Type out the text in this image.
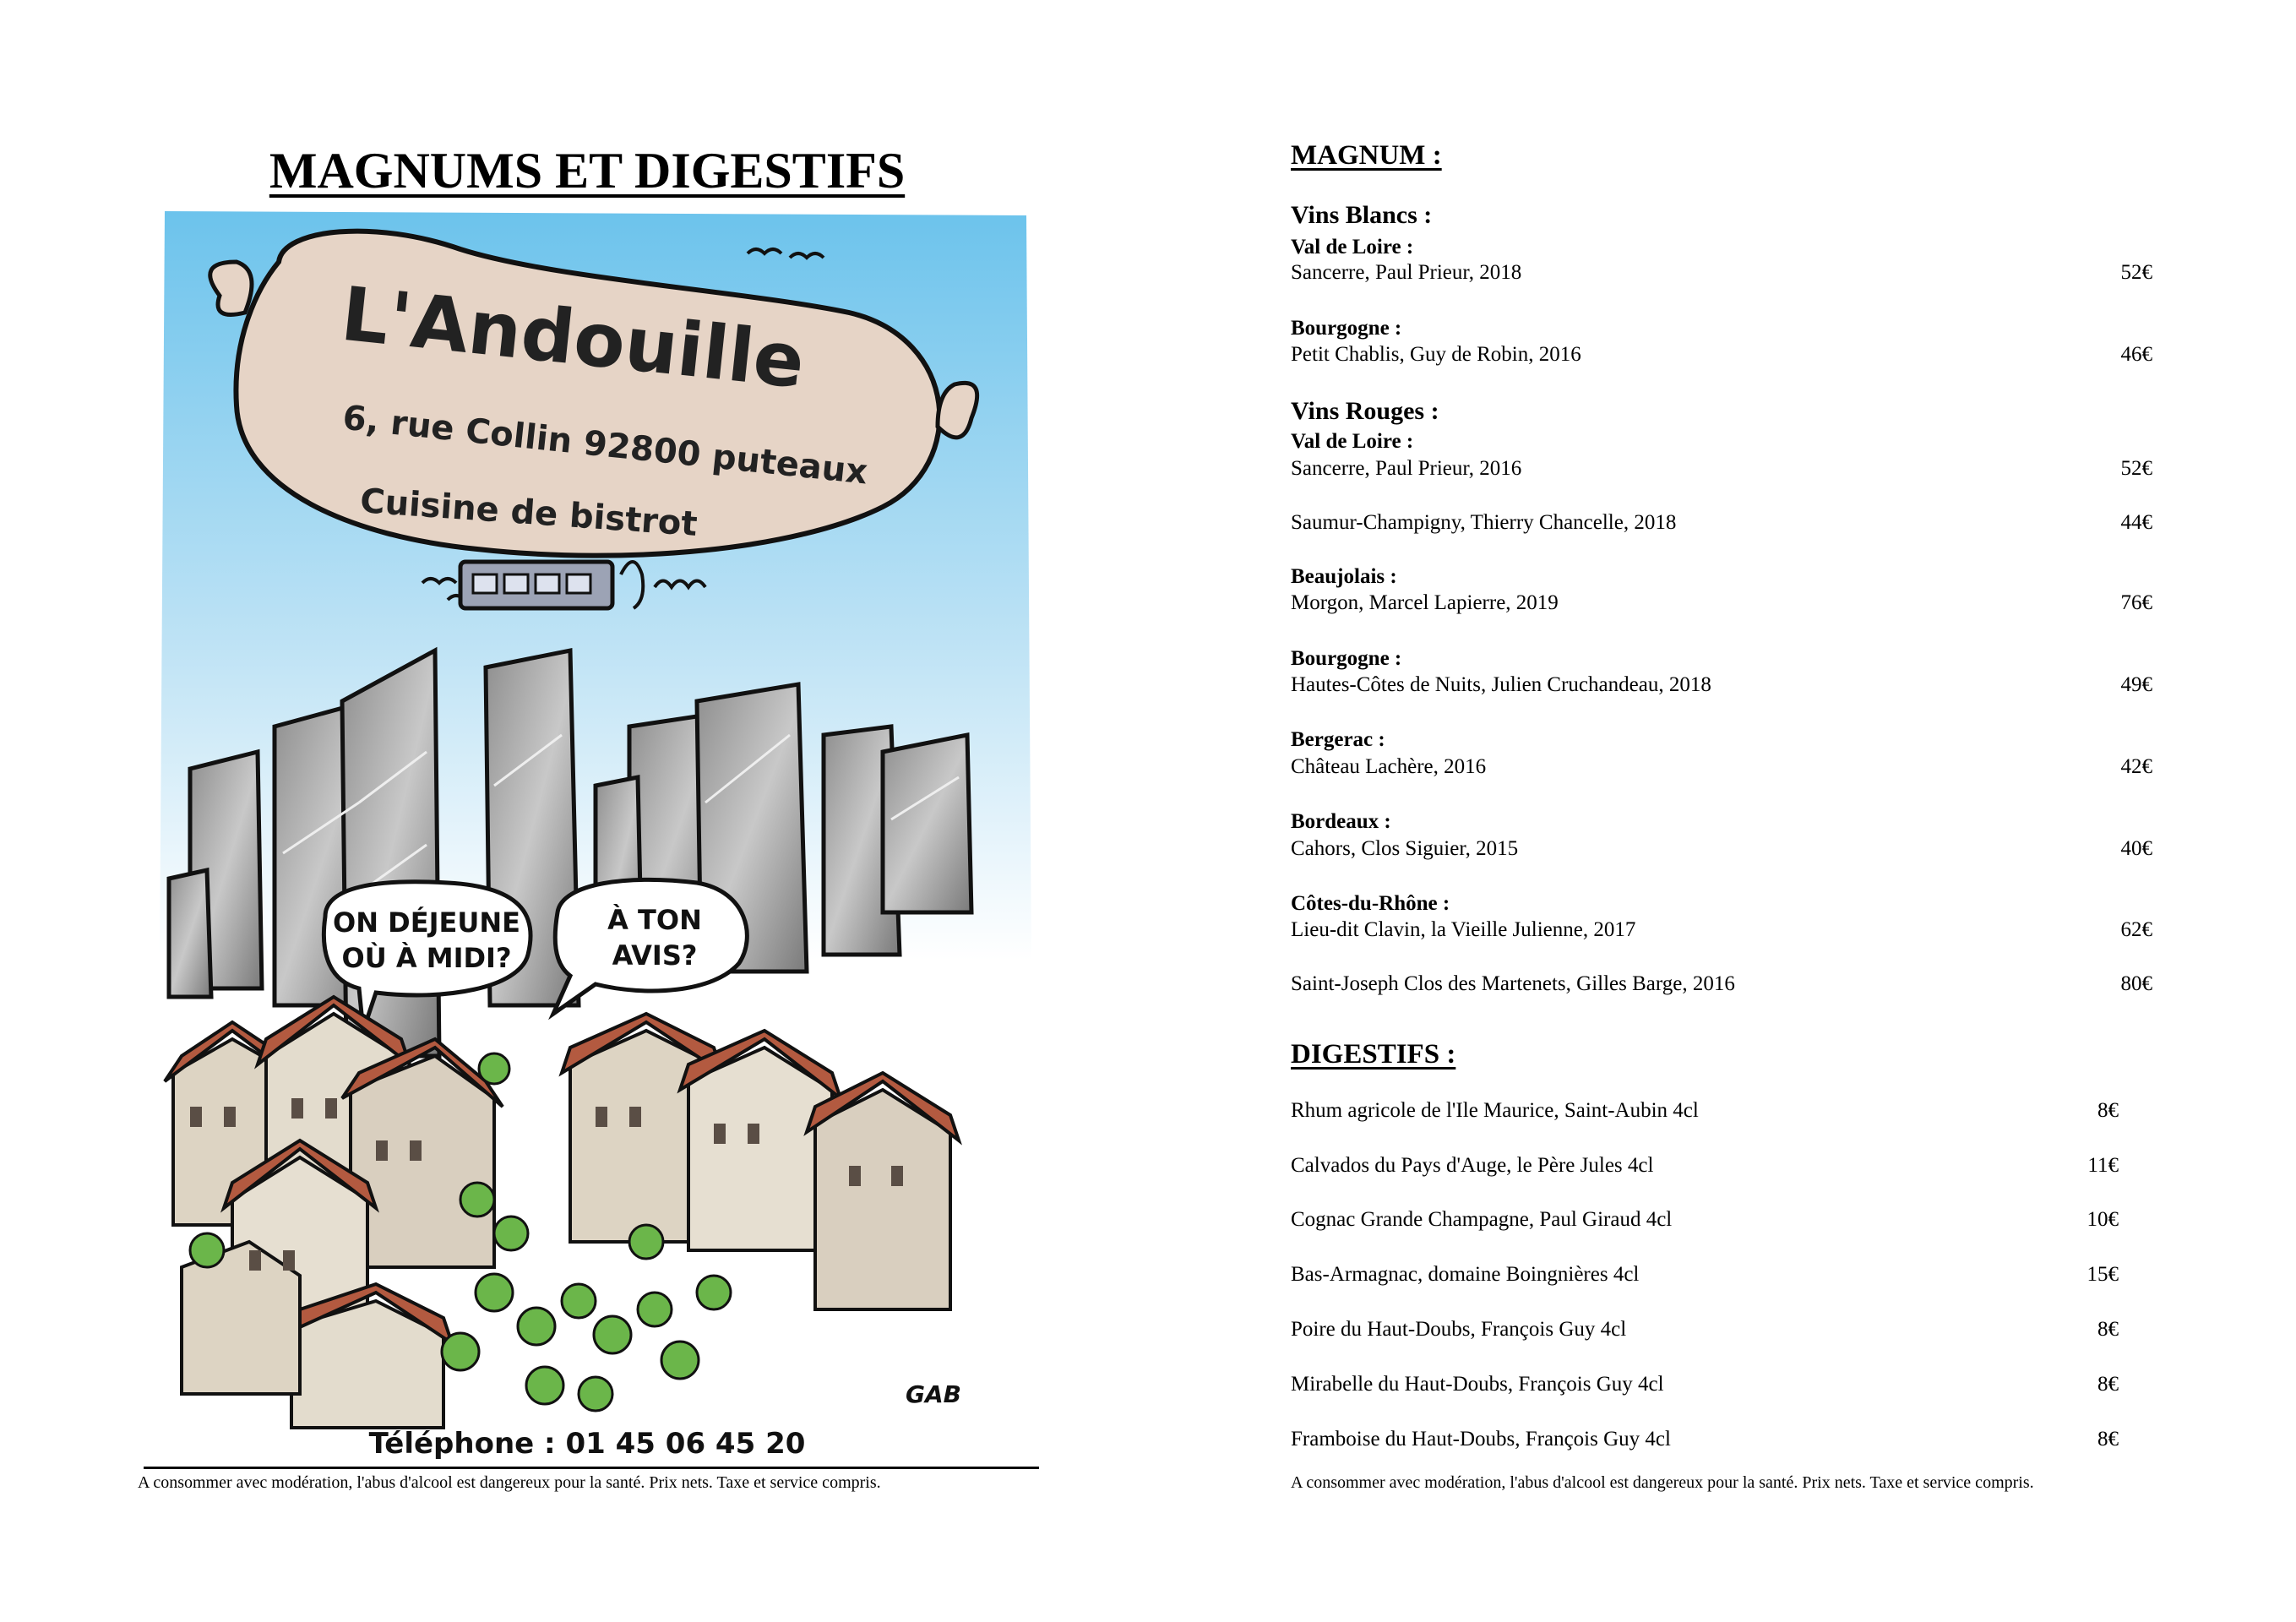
MAGNUMS ET DIGESTIFS
L'Andouille
6, rue Collin 92800 puteaux
Cuisine de bistrot
ON DÉJEUNE
OÙ À MIDI?
À TON
AVIS?
GAB
Téléphone : 01 45 06 45 20
A consommer avec modération, l'abus d'alcool est dangereux pour la santé. Prix nets. Taxe et service compris.
MAGNUM :
Vins Blancs :
Val de Loire :
Sancerre, Paul Prieur, 2018	52€
Bourgogne :
Petit Chablis, Guy de Robin, 2016	46€
Vins Rouges :
Val de Loire :
Sancerre, Paul Prieur, 2016	52€
Saumur-Champigny, Thierry Chancelle, 2018	44€
Beaujolais :
Morgon, Marcel Lapierre, 2019	76€
Bourgogne :
Hautes-Côtes de Nuits, Julien Cruchandeau, 2018	49€
Bergerac :
Château Lachère, 2016	42€
Bordeaux :
Cahors, Clos Siguier, 2015	40€
Côtes-du-Rhône :
Lieu-dit Clavin, la Vieille Julienne, 2017	62€
Saint-Joseph Clos des Martenets, Gilles Barge, 2016	80€
DIGESTIFS :
Rhum agricole de l'Ile Maurice, Saint-Aubin 4cl	8€
Calvados du Pays d'Auge, le Père Jules 4cl	11€
Cognac Grande Champagne, Paul Giraud 4cl	10€
Bas-Armagnac, domaine Boingnières 4cl	15€
Poire du Haut-Doubs, François Guy 4cl	8€
Mirabelle du Haut-Doubs, François Guy 4cl	8€
Framboise du Haut-Doubs, François Guy 4cl	8€
A consommer avec modération, l'abus d'alcool est dangereux pour la santé. Prix nets. Taxe et service compris.
